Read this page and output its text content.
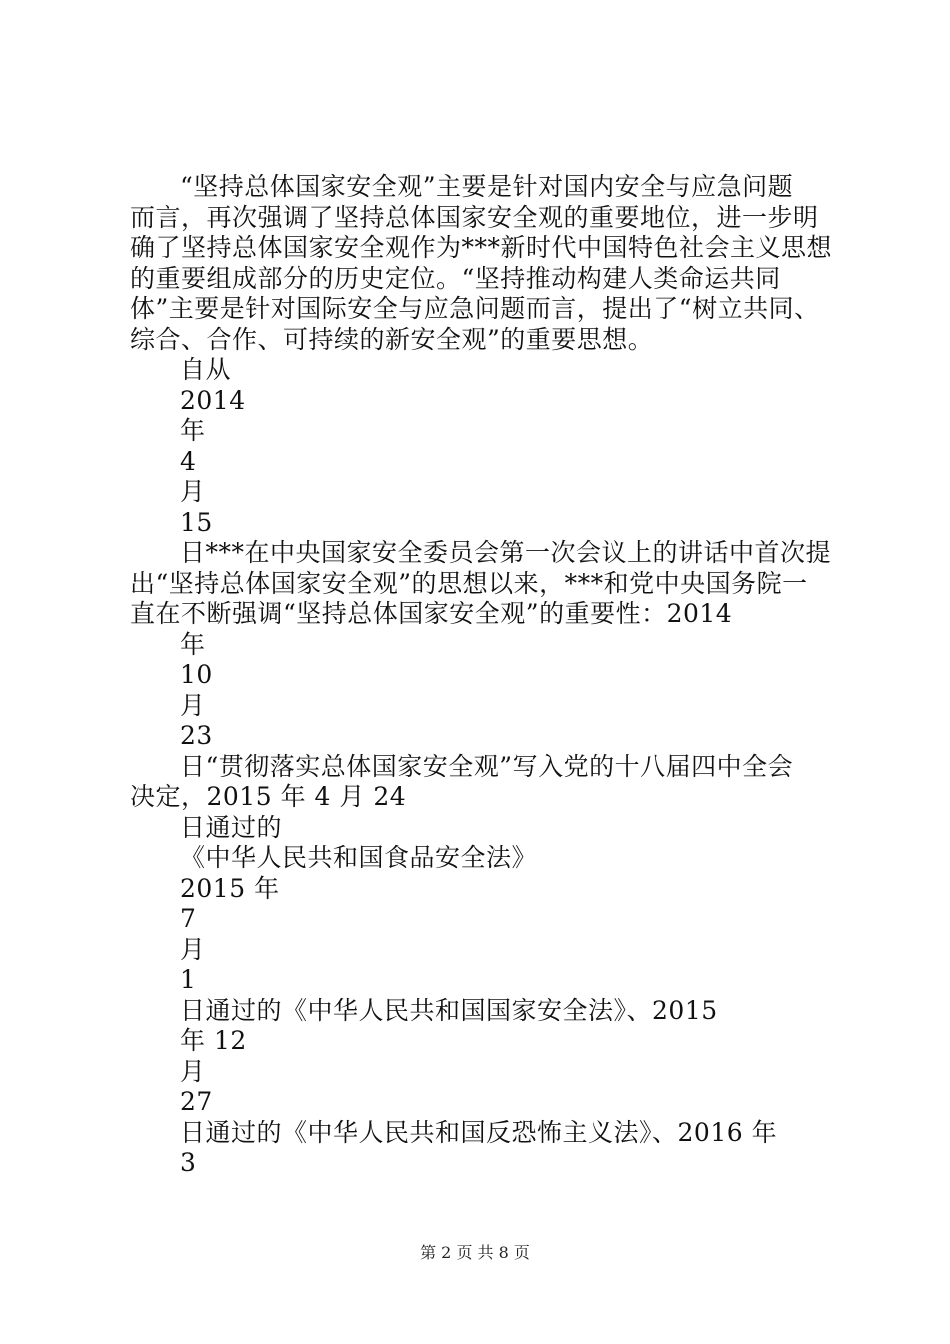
“坚持总体国家安全观”主要是针对国内安全与应急问题
而言，再次强调了坚持总体国家安全观的重要地位，进一步明
确了坚持总体国家安全观作为***新时代中国特色社会主义思想
的重要组成部分的历史定位。“坚持推动构建人类命运共同
体”主要是针对国际安全与应急问题而言，提出了“树立共同、
综合、合作、可持续的新安全观”的重要思想。
自从
2014
年
4
月
15
日***在中央国家安全委员会第一次会议上的讲话中首次提
出“坚持总体国家安全观”的思想以来，***和党中央国务院一
直在不断强调“坚持总体国家安全观”的重要性：2014
年
10
月
23
日“贯彻落实总体国家安全观”写入党的十八届四中全会
决定，2015 年 4 月 24
日通过的
《中华人民共和国食品安全法》
2015 年
7
月
1
日通过的《中华人民共和国国家安全法》、2015
年 12
月
27
日通过的《中华人民共和国反恐怖主义法》、2016 年
3
第 2 页 共 8 页
